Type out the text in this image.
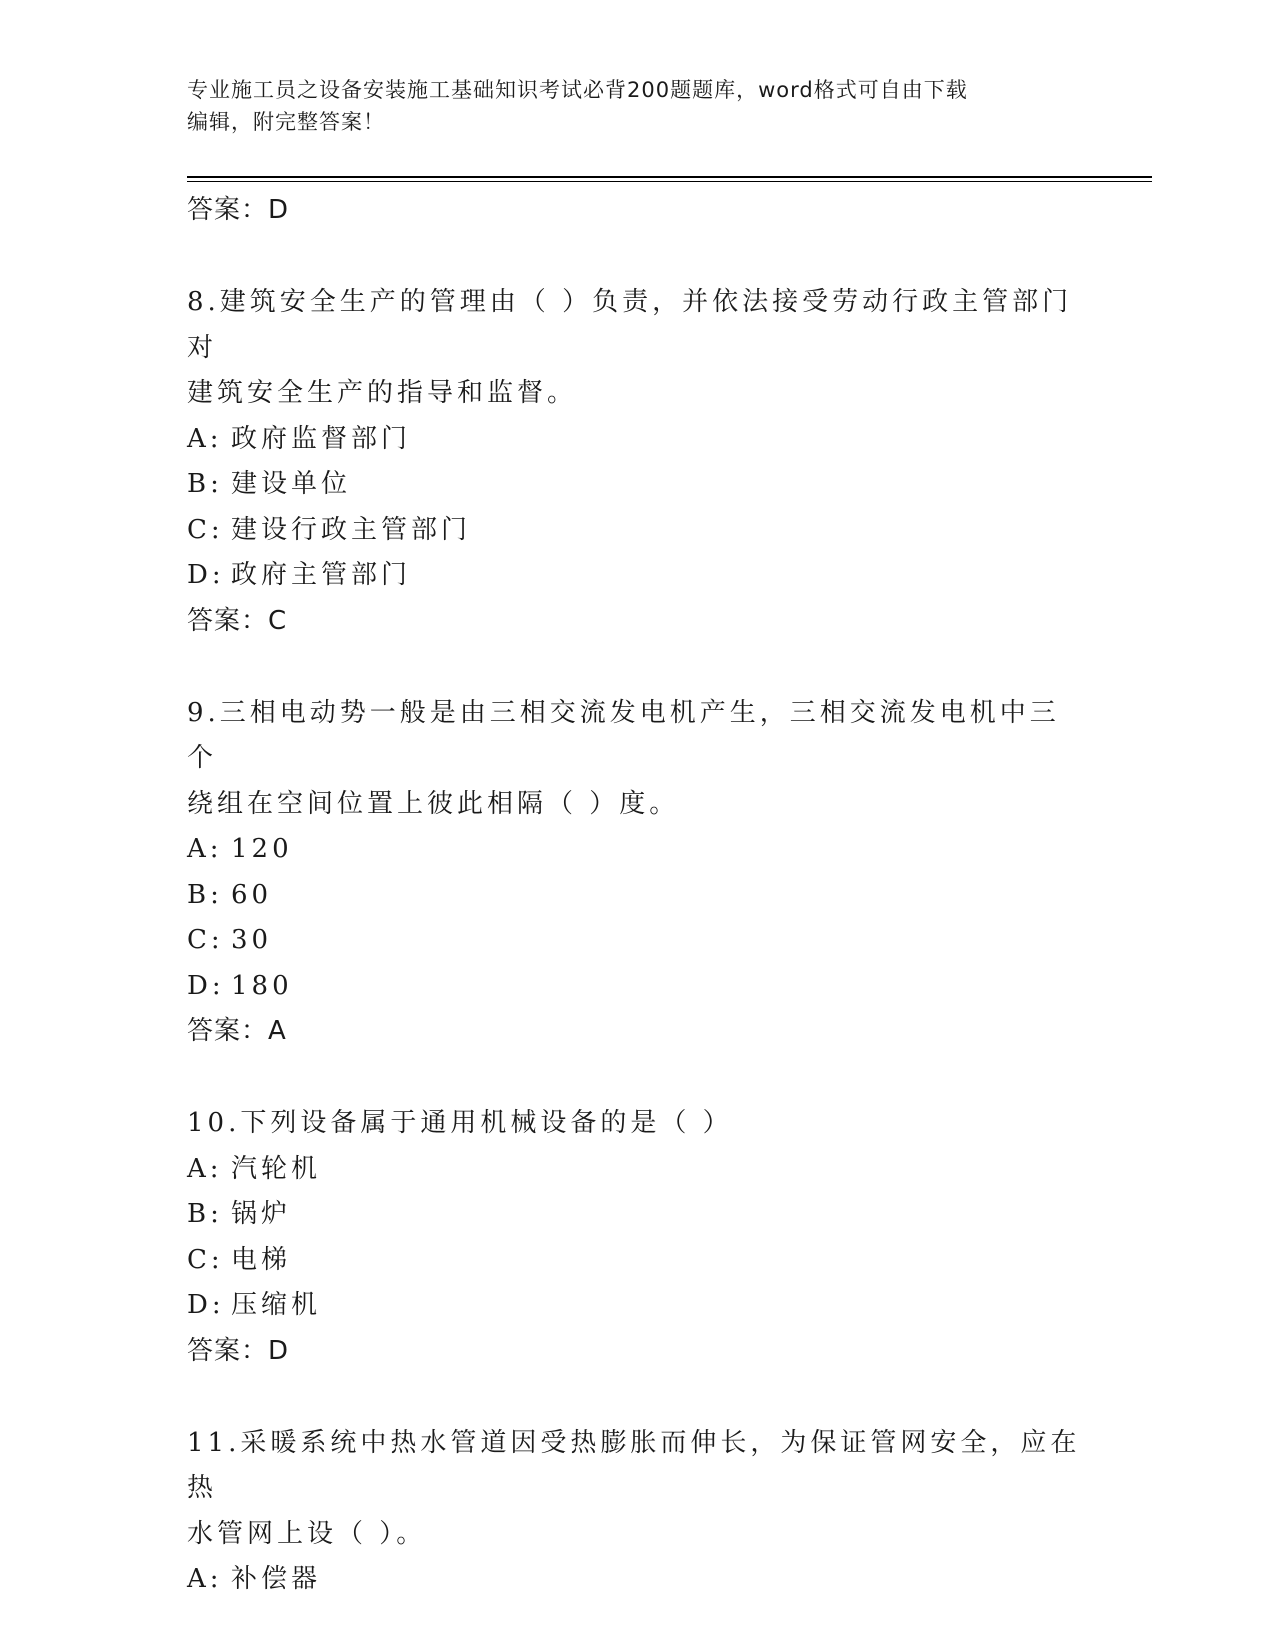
专业施工员之设备安装施工基础知识考试必背200题题库，word格式可自由下载
编辑，附完整答案！
答案：D
8.建筑安全生产的管理由（ ）负责，并依法接受劳动行政主管部门对
建筑安全生产的指导和监督。
A: 政府监督部门
B: 建设单位
C: 建设行政主管部门
D: 政府主管部门
答案：C
9.三相电动势一般是由三相交流发电机产生，三相交流发电机中三个
绕组在空间位置上彼此相隔（ ）度。
A: 120
B: 60
C: 30
D: 180
答案：A
10.下列设备属于通用机械设备的是（ ）
A: 汽轮机
B: 锅炉
C: 电梯
D: 压缩机
答案：D
11.采暖系统中热水管道因受热膨胀而伸长，为保证管网安全，应在热
水管网上设（ ）。
A: 补偿器
